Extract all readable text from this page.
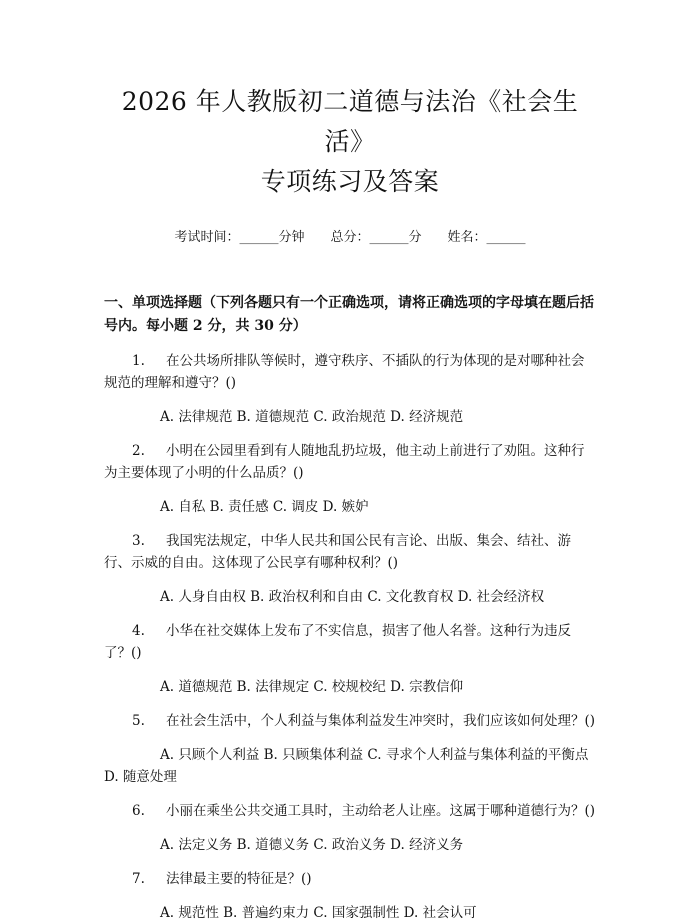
2026 年人教版初二道德与法治《社会生活》
专项练习及答案
考试时间：______分钟 总分：______分 姓名：______
一、单项选择题（下列各题只有一个正确选项，请将正确选项的字母填在题后括号内。每小题 2 分，共 30 分）

1. 在公共场所排队等候时，遵守秩序、不插队的行为体现的是对哪种社会规范的理解和遵守？()

A. 法律规范 B. 道德规范 C. 政治规范 D. 经济规范

2. 小明在公园里看到有人随地乱扔垃圾，他主动上前进行了劝阻。这种行为主要体现了小明的什么品质？()

A. 自私 B. 责任感 C. 调皮 D. 嫉妒

3. 我国宪法规定，中华人民共和国公民有言论、出版、集会、结社、游行、示威的自由。这体现了公民享有哪种权利？()

A. 人身自由权 B. 政治权利和自由 C. 文化教育权 D. 社会经济权

4. 小华在社交媒体上发布了不实信息，损害了他人名誉。这种行为违反了？()

A. 道德规范 B. 法律规定 C. 校规校纪 D. 宗教信仰

5. 在社会生活中，个人利益与集体利益发生冲突时，我们应该如何处理？()

A. 只顾个人利益 B. 只顾集体利益 C. 寻求个人利益与集体利益的平衡点 D. 随意处理

6. 小丽在乘坐公共交通工具时，主动给老人让座。这属于哪种道德行为？()

A. 法定义务 B. 道德义务 C. 政治义务 D. 经济义务

7. 法律最主要的特征是？()

A. 规范性 B. 普遍约束力 C. 国家强制性 D. 社会认可
